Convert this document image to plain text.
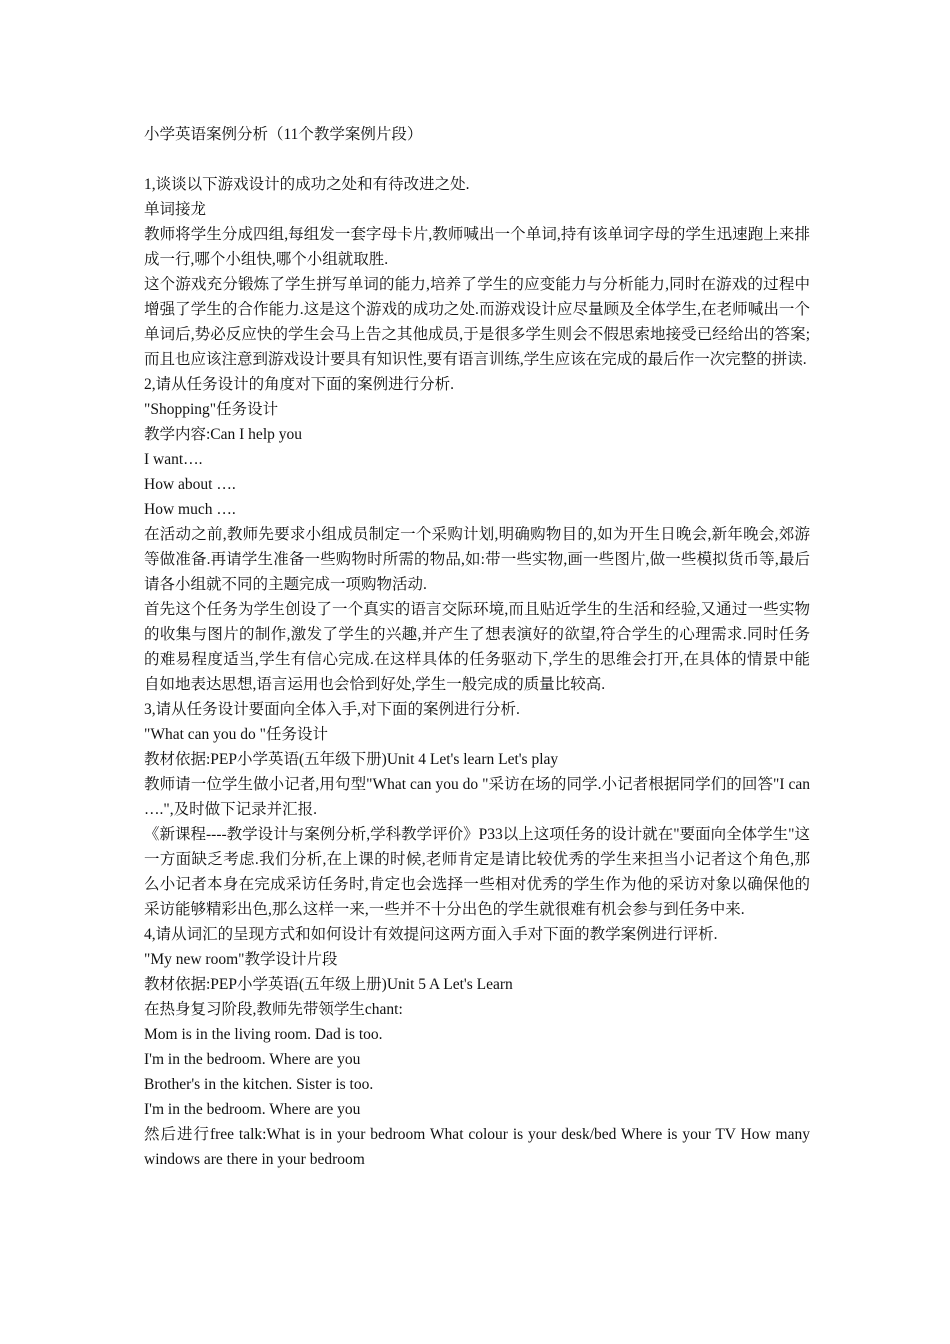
小学英语案例分析（11个教学案例片段）

1,谈谈以下游戏设计的成功之处和有待改进之处.

单词接龙

教师将学生分成四组,每组发一套字母卡片,教师喊出一个单词,持有该单词字母的学生迅速跑上来排成一行,哪个小组快,哪个小组就取胜.

这个游戏充分锻炼了学生拼写单词的能力,培养了学生的应变能力与分析能力,同时在游戏的过程中增强了学生的合作能力.这是这个游戏的成功之处.而游戏设计应尽量顾及全体学生,在老师喊出一个单词后,势必反应快的学生会马上告之其他成员,于是很多学生则会不假思索地接受已经给出的答案;而且也应该注意到游戏设计要具有知识性,要有语言训练,学生应该在完成的最后作一次完整的拼读.

2,请从任务设计的角度对下面的案例进行分析.

"Shopping"任务设计

教学内容:Can I help you

I want….

How about ….

How much ….

在活动之前,教师先要求小组成员制定一个采购计划,明确购物目的,如为开生日晚会,新年晚会,郊游等做准备.再请学生准备一些购物时所需的物品,如:带一些实物,画一些图片,做一些模拟货币等,最后请各小组就不同的主题完成一项购物活动.

首先这个任务为学生创设了一个真实的语言交际环境,而且贴近学生的生活和经验,又通过一些实物的收集与图片的制作,激发了学生的兴趣,并产生了想表演好的欲望,符合学生的心理需求.同时任务的难易程度适当,学生有信心完成.在这样具体的任务驱动下,学生的思维会打开,在具体的情景中能自如地表达思想,语言运用也会恰到好处,学生一般完成的质量比较高.

3,请从任务设计要面向全体入手,对下面的案例进行分析.

"What can you do "任务设计

教材依据:PEP小学英语(五年级下册)Unit 4 Let's learn Let's play

教师请一位学生做小记者,用句型"What can you do "采访在场的同学.小记者根据同学们的回答"I can ….",及时做下记录并汇报.

《新课程----教学设计与案例分析,学科教学评价》P33以上这项任务的设计就在"要面向全体学生"这一方面缺乏考虑.我们分析,在上课的时候,老师肯定是请比较优秀的学生来担当小记者这个角色,那么小记者本身在完成采访任务时,肯定也会选择一些相对优秀的学生作为他的采访对象以确保他的采访能够精彩出色,那么这样一来,一些并不十分出色的学生就很难有机会参与到任务中来.

4,请从词汇的呈现方式和如何设计有效提问这两方面入手对下面的教学案例进行评析.

"My new room"教学设计片段

教材依据:PEP小学英语(五年级上册)Unit 5 A Let's Learn

在热身复习阶段,教师先带领学生chant:

Mom is in the living room. Dad is too.

I'm in the bedroom. Where are you

Brother's in the kitchen. Sister is too.

I'm in the bedroom. Where are you

然后进行free talk:What is in your bedroom What colour is your desk/bed Where is your TV How many windows are there in your bedroom
